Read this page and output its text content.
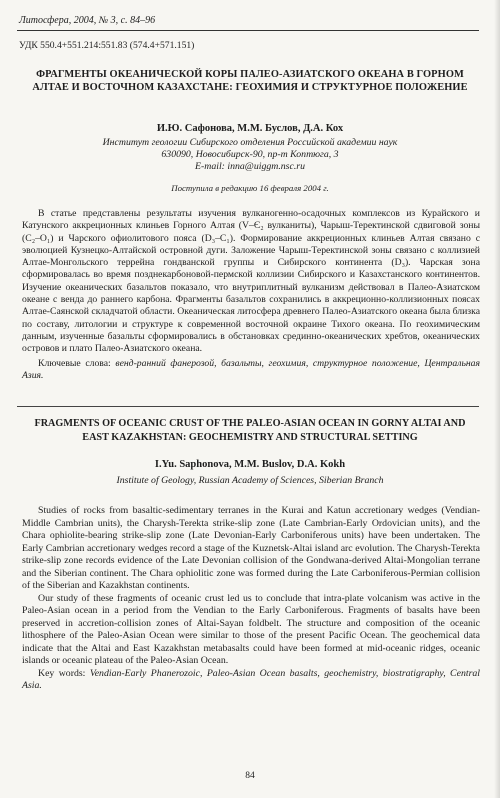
Литосфера, 2004, № 3, с. 84–96
УДК 550.4+551.214:551.83 (574.4+571.151)
ФРАГМЕНТЫ ОКЕАНИЧЕСКОЙ КОРЫ ПАЛЕО-АЗИАТСКОГО ОКЕАНА В ГОРНОМ АЛТАЕ И ВОСТОЧНОМ КАЗАХСТАНЕ: ГЕОХИМИЯ И СТРУКТУРНОЕ ПОЛОЖЕНИЕ
И.Ю. Сафонова, М.М. Буслов, Д.А. Кох
Институт геологии Сибирского отделения Российской академии наук
630090, Новосибирск-90, пр-т Коптюга, 3
E-mail: inna@uiggm.nsc.ru
Поступила в редакцию 16 февраля 2004 г.

В статье представлены результаты изучения вулканогенно-осадочных комплексов из Курайского и Катунского аккреционных клиньев Горного Алтая (V–Є₂ вулканиты), Чарыш-Теректинской сдвиговой зоны (С₂–О₁) и Чарского офиолитового пояса (D₃–С₁). Формирование аккреционных клиньев Алтая связано с эволюцией Кузнецко-Алтайской островной дуги. Заложение Чарыш-Теректинской зоны связано с коллизией Алтае-Монгольского террейна гондванской группы и Сибирского континента (D₃). Чарская зона сформировалась во время позднекарбоновой-пермской коллизии Сибирского и Казахстанского континентов. Изучение океанических базальтов показало, что внутриплитный вулканизм действовал в Палео-Азиатском океане с венда до раннего карбона. Фрагменты базальтов сохранились в аккреционно-коллизионных поясах Алтае-Саянской складчатой области. Океаническая литосфера древнего Палео-Азиатского океана была близка по составу, литологии и структуре к современной восточной окраине Тихого океана. По геохимическим данным, изученные базальты сформировались в обстановках срединно-океанических хребтов, океанических островов и плато Палео-Азиатского океана.

Ключевые слова: венд-ранний фанерозой, базальты, геохимия, структурное положение, Центральная Азия.

FRAGMENTS OF OCEANIC CRUST OF THE PALEO-ASIAN OCEAN IN GORNY ALTAI AND EAST KAZAKHSTAN: GEOCHEMISTRY AND STRUCTURAL SETTING
I.Yu. Saphonova, M.M. Buslov, D.A. Kokh
Institute of Geology, Russian Academy of Sciences, Siberian Branch

Studies of rocks from basaltic-sedimentary terranes in the Kurai and Katun accretionary wedges (Vendian-Middle Cambrian units), the Charysh-Terekta strike-slip zone (Late Cambrian-Early Ordovician units), and the Chara ophiolite-bearing strike-slip zone (Late Devonian-Early Carboniferous units) have been undertaken. The Early Cambrian accretionary wedges record a stage of the Kuznetsk-Altai island arc evolution. The Charysh-Terekta strike-slip zone records evidence of the Late Devonian collision of the Gondwana-derived Altai-Mongolian terrane and the Siberian continent. The Chara ophiolitic zone was formed during the Late Carboniferous-Permian collision of the Siberian and Kazakhstan continents.

Our study of these fragments of oceanic crust led us to conclude that intra-plate volcanism was active in the Paleo-Asian ocean in a period from the Vendian to the Early Carboniferous. Fragments of basalts have been preserved in accretion-collision zones of Altai-Sayan foldbelt. The structure and composition of the oceanic lithosphere of the Paleo-Asian Ocean were similar to those of the present Pacific Ocean. The geochemical data indicate that the Altai and East Kazakhstan metabasalts could have been formed at mid-oceanic ridges, oceanic islands or oceanic plateau of the Paleo-Asian Ocean.

Key words: Vendian-Early Phanerozoic, Paleo-Asian Ocean basalts, geochemistry, biostratigraphy, Central Asia.

84
